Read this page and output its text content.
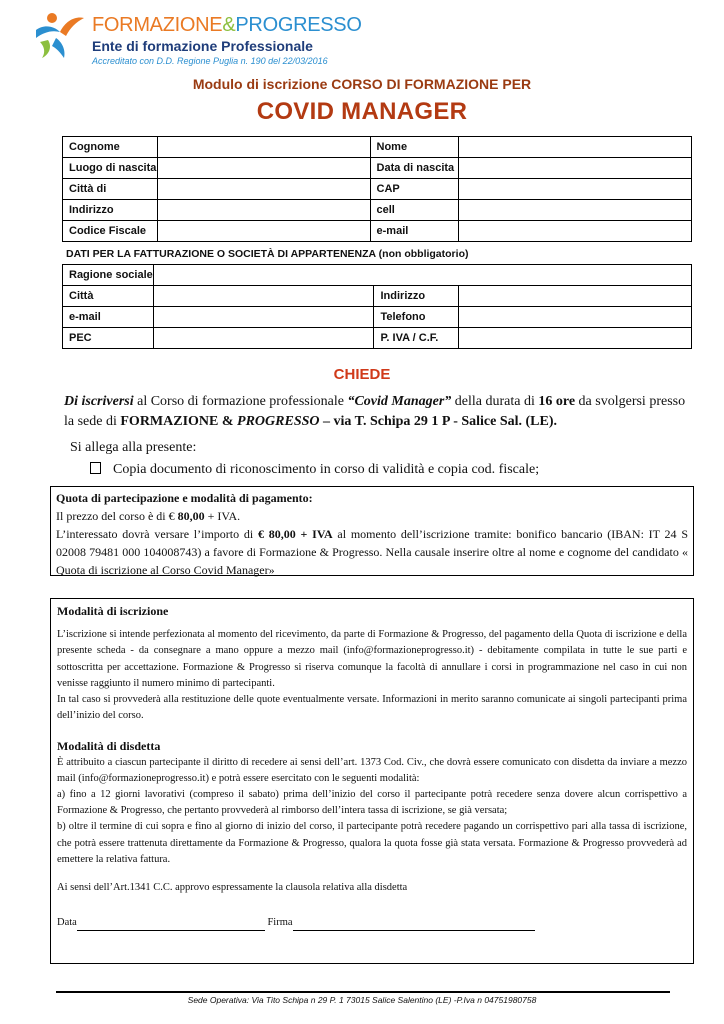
FORMAZIONE&PROGRESSO
Ente di formazione Professionale
Accreditato con D.D. Regione Puglia n. 190 del 22/03/2016
Modulo di iscrizione CORSO DI FORMAZIONE PER
COVID MANAGER
Cognome		Nome	
Luogo di nascita		Data di nascita	
Città di		CAP	
Indirizzo		cell	
Codice Fiscale		e-mail	
DATI PER LA FATTURAZIONE O SOCIETÀ DI APPARTENENZA (non obbligatorio)
Ragione sociale			
Città		Indirizzo	
e-mail		Telefono	
PEC		P. IVA / C.F.	
CHIEDE
Di iscriversi al Corso di formazione professionale “Covid Manager” della durata di 16 ore da svolgersi presso la sede di FORMAZIONE & PROGRESSO – via T. Schipa 29 1 P - Salice Sal. (LE).
Si allega alla presente:
Copia documento di riconoscimento in corso di validità e copia cod. fiscale;
Quota di partecipazione e modalità di pagamento:
Il prezzo del corso è di € 80,00 + IVA.
L’interessato dovrà versare l’importo di € 80,00 + IVA al momento dell’iscrizione tramite: bonifico bancario (IBAN: IT 24 S 02008 79481 000 104008743) a favore di Formazione & Progresso. Nella causale inserire oltre al nome e cognome del candidato « Quota di iscrizione al Corso Covid Manager»
Modalità di iscrizione

L’iscrizione si intende perfezionata al momento del ricevimento, da parte di Formazione & Progresso, del pagamento della Quota di iscrizione e della presente scheda - da consegnare a mano oppure a mezzo mail (info@formazioneprogresso.it) - debitamente compilata in tutte le sue parti e sottoscritta per accettazione. Formazione & Progresso si riserva comunque la facoltà di annullare i corsi in programmazione nel caso in cui non venisse raggiunto il numero minimo di partecipanti.

In tal caso si provvederà alla restituzione delle quote eventualmente versate. Informazioni in merito saranno comunicate ai singoli partecipanti prima dell’inizio del corso.

Modalità di disdetta

È attribuito a ciascun partecipante il diritto di recedere ai sensi dell’art. 1373 Cod. Civ., che dovrà essere comunicato con disdetta da inviare a mezzo mail (info@formazioneprogresso.it) e potrà essere esercitato con le seguenti modalità:

a) fino a 12 giorni lavorativi (compreso il sabato) prima dell’inizio del corso il partecipante potrà recedere senza dovere alcun corrispettivo a Formazione & Progresso, che pertanto provvederà al rimborso dell’intera tassa di iscrizione, se già versata;

b) oltre il termine di cui sopra e fino al giorno di inizio del corso, il partecipante potrà recedere pagando un corrispettivo pari alla tassa di iscrizione, che potrà essere trattenuta direttamente da Formazione & Progresso, qualora la quota fosse già stata versata. Formazione & Progresso provvederà ad emettere la relativa fattura.

Ai sensi dell’Art.1341 C.C. approvo espressamente la clausola relativa alla disdetta

Data	Firma
Sede Operativa: Via Tito Schipa n 29 P. 1 73015 Salice Salentino (LE) -P.Iva n 04751980758
